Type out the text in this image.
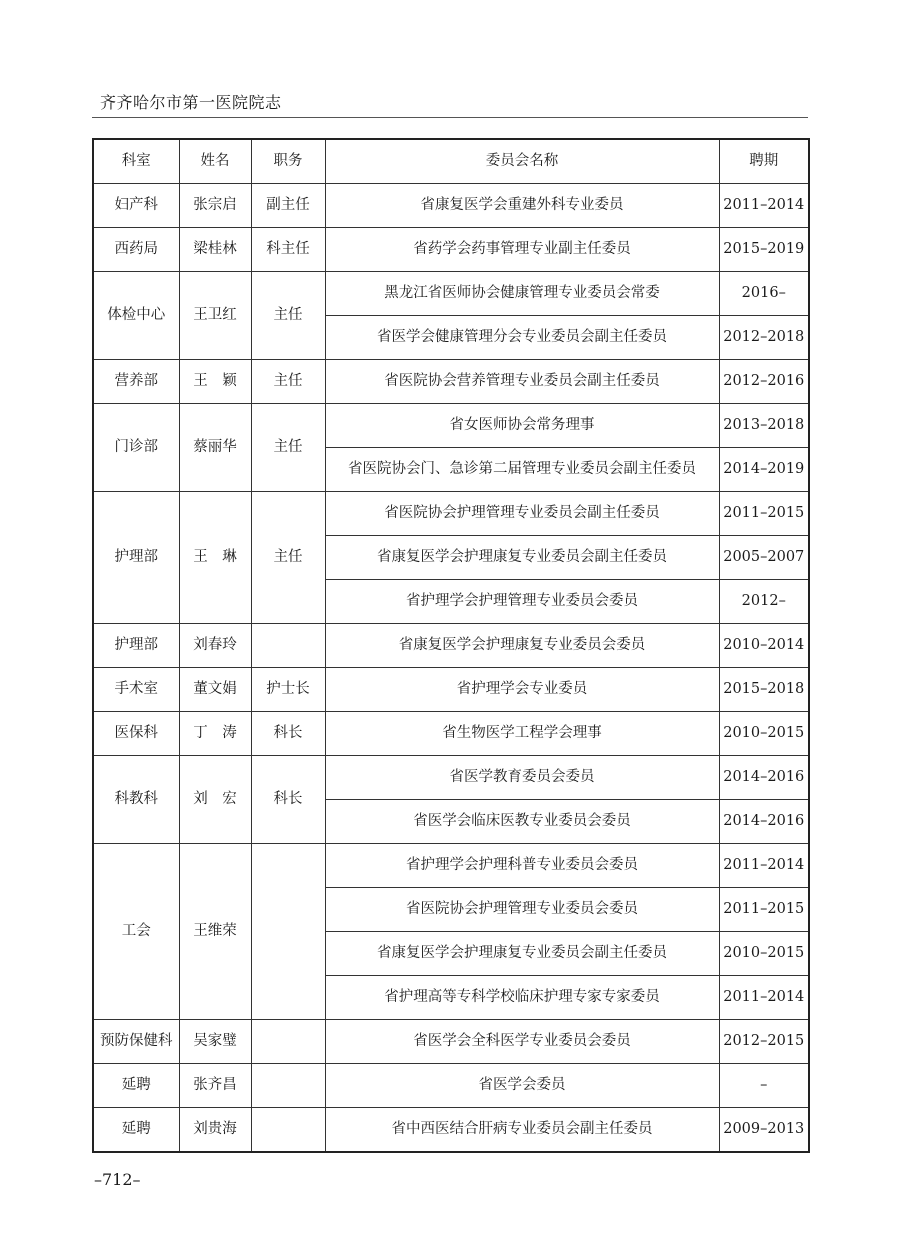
齐齐哈尔市第一医院院志
科室	姓名	职务	委员会名称	聘期
妇产科	张宗启	副主任	省康复医学会重建外科专业委员	2011–2014
西药局	梁桂林	科主任	省药学会药事管理专业副主任委员	2015–2019
体检中心	王卫红	主任	黑龙江省医师协会健康管理专业委员会常委	2016–
			省医学会健康管理分会专业委员会副主任委员	2012–2018
营养部	王　颖	主任	省医院协会营养管理专业委员会副主任委员	2012–2016
门诊部	蔡丽华	主任	省女医师协会常务理事	2013–2018
			省医院协会门、急诊第二届管理专业委员会副主任委员	2014–2019
护理部	王　琳	主任	省医院协会护理管理专业委员会副主任委员	2011–2015
			省康复医学会护理康复专业委员会副主任委员	2005–2007
			省护理学会护理管理专业委员会委员	2012–
护理部	刘春玲		省康复医学会护理康复专业委员会委员	2010–2014
手术室	董文娟	护士长	省护理学会专业委员	2015–2018
医保科	丁　涛	科长	省生物医学工程学会理事	2010–2015
科教科	刘　宏	科长	省医学教育委员会委员	2014–2016
			省医学会临床医教专业委员会委员	2014–2016
工会	王维荣		省护理学会护理科普专业委员会委员	2011–2014
			省医院协会护理管理专业委员会委员	2011–2015
			省康复医学会护理康复专业委员会副主任委员	2010–2015
			省护理高等专科学校临床护理专家专家委员	2011–2014
预防保健科	吴家璧		省医学会全科医学专业委员会委员	2012–2015
延聘	张齐昌		省医学会委员	–
延聘	刘贵海		省中西医结合肝病专业委员会副主任委员	2009–2013
–712–
